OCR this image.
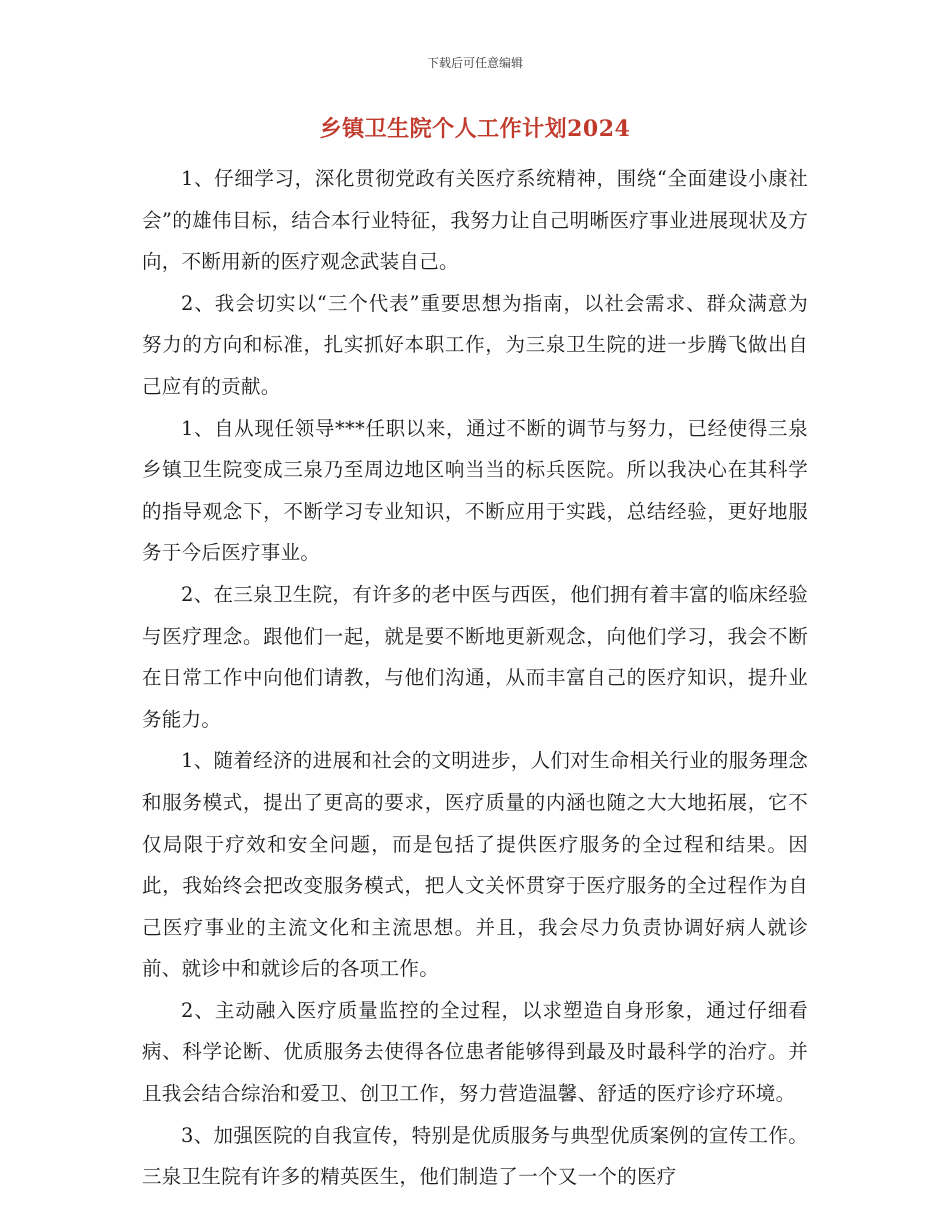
下载后可任意编辑
乡镇卫生院个人工作计划2024

1、仔细学习，深化贯彻党政有关医疗系统精神，围绕“全面建设小康社会”的雄伟目标，结合本行业特征，我努力让自己明晰医疗事业进展现状及方向，不断用新的医疗观念武装自己。

2、我会切实以“三个代表”重要思想为指南，以社会需求、群众满意为努力的方向和标准，扎实抓好本职工作，为三泉卫生院的进一步腾飞做出自己应有的贡献。

1、自从现任领导***任职以来，通过不断的调节与努力，已经使得三泉乡镇卫生院变成三泉乃至周边地区响当当的标兵医院。所以我决心在其科学的指导观念下，不断学习专业知识，不断应用于实践，总结经验，更好地服务于今后医疗事业。

2、在三泉卫生院，有许多的老中医与西医，他们拥有着丰富的临床经验与医疗理念。跟他们一起，就是要不断地更新观念，向他们学习，我会不断在日常工作中向他们请教，与他们沟通，从而丰富自己的医疗知识，提升业务能力。

1、随着经济的进展和社会的文明进步，人们对生命相关行业的服务理念和服务模式，提出了更高的要求，医疗质量的内涵也随之大大地拓展，它不仅局限于疗效和安全问题，而是包括了提供医疗服务的全过程和结果。因此，我始终会把改变服务模式，把人文关怀贯穿于医疗服务的全过程作为自己医疗事业的主流文化和主流思想。并且，我会尽力负责协调好病人就诊前、就诊中和就诊后的各项工作。

2、主动融入医疗质量监控的全过程，以求塑造自身形象，通过仔细看病、科学论断、优质服务去使得各位患者能够得到最及时最科学的治疗。并且我会结合综治和爱卫、创卫工作，努力营造温馨、舒适的医疗诊疗环境。

3、加强医院的自我宣传，特别是优质服务与典型优质案例的宣传工作。三泉卫生院有许多的精英医生，他们制造了一个又一个的医疗
